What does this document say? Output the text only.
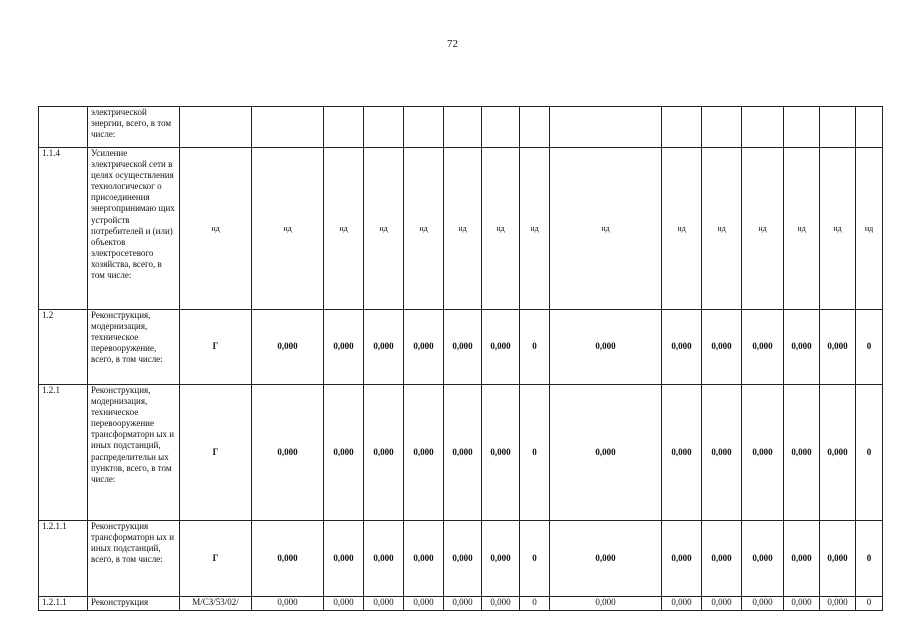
72
	электрической энергии, всего, в том числе:															
1.1.4	Усиление электрической сети в целях осуществления технологическог о присоединения энергопринимаю щих устройств потребителей и (или) объектов электросетевого хозяйства, всего, в том числе:	нд	нд	нд	нд	нд	нд	нд	нд	нд	нд	нд	нд	нд	нд	нд
1.2	Реконструкция, модернизация, техническое перевооружение, всего, в том числе:	Г	0,000	0,000	0,000	0,000	0,000	0,000	0	0,000	0,000	0,000	0,000	0,000	0,000	0
1.2.1	Реконструкция, модернизация, техническое перевооружение трансформаторн ых и иных подстанций, распределительн ых пунктов, всего, в том числе:	Г	0,000	0,000	0,000	0,000	0,000	0,000	0	0,000	0,000	0,000	0,000	0,000	0,000	0
1.2.1.1	Реконструкция трансформаторн ых и иных подстанций, всего, в том числе:	Г	0,000	0,000	0,000	0,000	0,000	0,000	0	0,000	0,000	0,000	0,000	0,000	0,000	0
1.2.1.1	Реконструкция	М/СЗ/53/02/	0,000	0,000	0,000	0,000	0,000	0,000	0	0,000	0,000	0,000	0,000	0,000	0,000	0
